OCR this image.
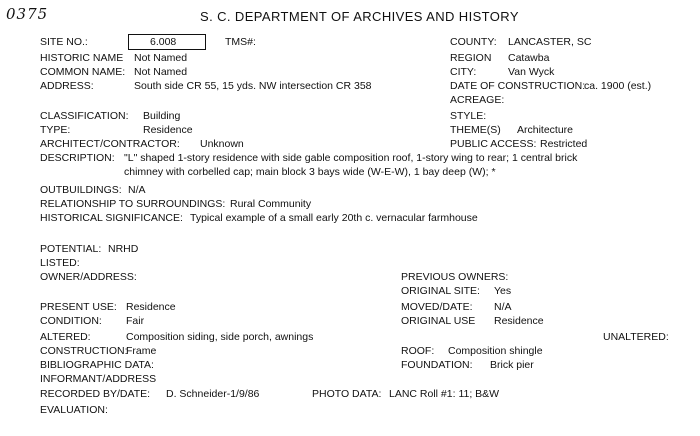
0375	S. C. DEPARTMENT OF ARCHIVES AND HISTORY
SITE NO.:	6.008	TMS#:
HISTORIC NAME Not Named
COMMON NAME: Not Named
ADDRESS:	South side CR 55, 15 yds. NW intersection CR 358
COUNTY: LANCASTER, SC
REGION Catawba
CITY:	Van Wyck
DATE OF CONSTRUCTION:
ca. 1900 (est.)
ACREAGE:
CLASSIFICATION: Building	STYLE:
TYPE:	Residence	THEME(S) Architecture
ARCHITECT/CONTRACTOR: Unknown	PUBLIC ACCESS: Restricted
DESCRIPTION: "L" shaped 1-story residence with side gable composition roof, 1-story wing to rear; 1 central brick
chimney with corbelled cap; main block 3 bays wide (W-E-W), 1 bay deep (W); *
OUTBUILDINGS: N/A
RELATIONSHIP TO SURROUNDINGS: Rural Community
HISTORICAL SIGNIFICANCE: Typical example of a small early 20th c. vernacular farmhouse
POTENTIAL: NRHD
LISTED:
OWNER/ADDRESS:	PREVIOUS OWNERS:
ORIGINAL SITE: Yes
PRESENT USE: Residence	MOVED/DATE: N/A
CONDITION: Fair	ORIGINAL USE Residence
ALTERED:	Composition siding, side porch, awnings	UNALTERED:
CONSTRUCTION:
Frame	ROOF: Composition shingle
BIBLIOGRAPHIC DATA:	FOUNDATION: Brick pier
INFORMANT/ADDRESS
RECORDED BY/DATE: D. Schneider-1/9/86	PHOTO DATA: LANC Roll #1: 11; B&W
EVALUATION:
